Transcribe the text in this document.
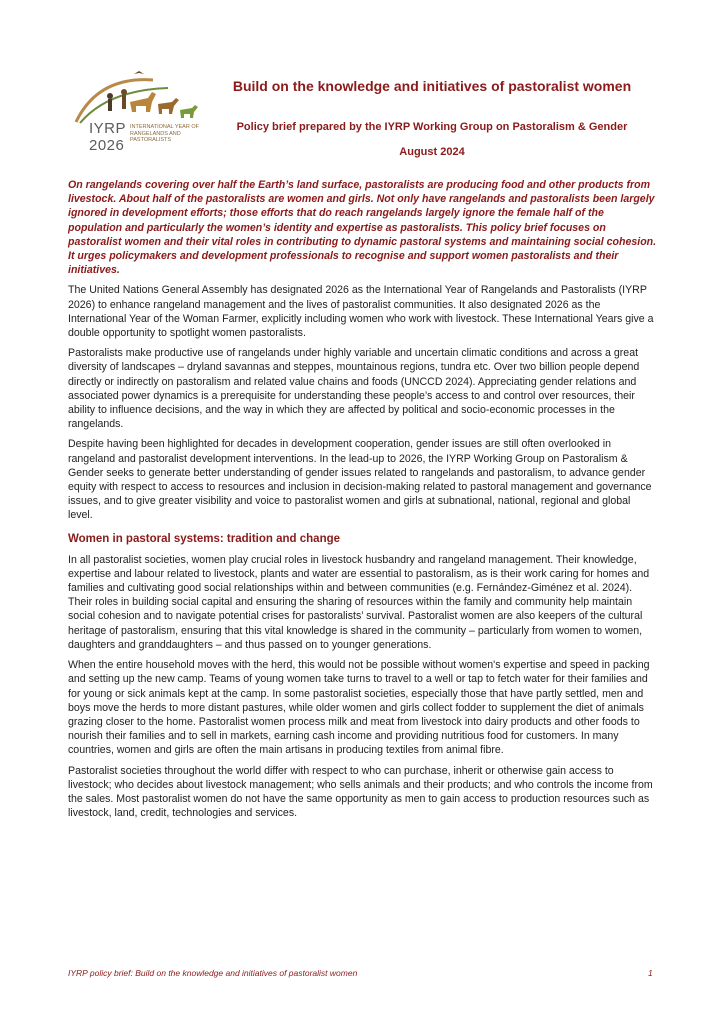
IYRP
2026
INTERNATIONAL YEAR OF RANGELANDS AND PASTORALISTS
Build on the knowledge and initiatives of pastoralist women
Policy brief prepared by the IYRP Working Group on Pastoralism & Gender
August 2024

On rangelands covering over half the Earth’s land surface, pastoralists are producing food and other products from livestock. About half of the pastoralists are women and girls. Not only have rangelands and pastoralists been largely ignored in development efforts; those efforts that do reach rangelands largely ignore the female half of the population and particularly the women’s identity and expertise as pastoralists. This policy brief focuses on pastoralist women and their vital roles in contributing to dynamic pastoral systems and maintaining social cohesion. It urges policymakers and development professionals to recognise and support women pastoralists and their initiatives.

The United Nations General Assembly has designated 2026 as the International Year of Rangelands and Pastoralists (IYRP 2026) to enhance rangeland management and the lives of pastoralist communities. It also designated 2026 as the International Year of the Woman Farmer, explicitly including women who work with livestock. These International Years give a double opportunity to spotlight women pastoralists.

Pastoralists make productive use of rangelands under highly variable and uncertain climatic conditions and across a great diversity of landscapes – dryland savannas and steppes, mountainous regions, tundra etc. Over two billion people depend directly or indirectly on pastoralism and related value chains and foods (UNCCD 2024). Appreciating gender relations and associated power dynamics is a prerequisite for understanding these people’s access to and control over resources, their ability to influence decisions, and the way in which they are affected by political and socio-economic processes in the rangelands.

Despite having been highlighted for decades in development cooperation, gender issues are still often overlooked in rangeland and pastoralist development interventions. In the lead-up to 2026, the IYRP Working Group on Pastoralism & Gender seeks to generate better understanding of gender issues related to rangelands and pastoralism, to advance gender equity with respect to access to resources and inclusion in decision-making related to pastoral management and governance issues, and to give greater visibility and voice to pastoralist women and girls at subnational, national, regional and global level.

Women in pastoral systems: tradition and change

In all pastoralist societies, women play crucial roles in livestock husbandry and rangeland management. Their knowledge, expertise and labour related to livestock, plants and water are essential to pastoralism, as is their work caring for homes and families and cultivating good social relationships within and between communities (e.g. Fernández-Giménez et al. 2024). Their roles in building social capital and ensuring the sharing of resources within the family and community help maintain social cohesion and to navigate potential crises for pastoralists’ survival. Pastoralist women are also keepers of the cultural heritage of pastoralism, ensuring that this vital knowledge is shared in the community – particularly from women to women, daughters and granddaughters – and thus passed on to younger generations.

When the entire household moves with the herd, this would not be possible without women's expertise and speed in packing and setting up the new camp. Teams of young women take turns to travel to a well or tap to fetch water for their families and for young or sick animals kept at the camp. In some pastoralist societies, especially those that have partly settled, men and boys move the herds to more distant pastures, while older women and girls collect fodder to supplement the diet of animals grazing closer to the home. Pastoralist women process milk and meat from livestock into dairy products and other foods to nourish their families and to sell in markets, earning cash income and providing nutritious food for customers. In many countries, women and girls are often the main artisans in producing textiles from animal fibre.

Pastoralist societies throughout the world differ with respect to who can purchase, inherit or otherwise gain access to livestock; who decides about livestock management; who sells animals and their products; and who controls the income from the sales. Most pastoralist women do not have the same opportunity as men to gain access to production resources such as livestock, land, credit, technologies and services.

IYRP policy brief: Build on the knowledge and initiatives of pastoralist women	1
